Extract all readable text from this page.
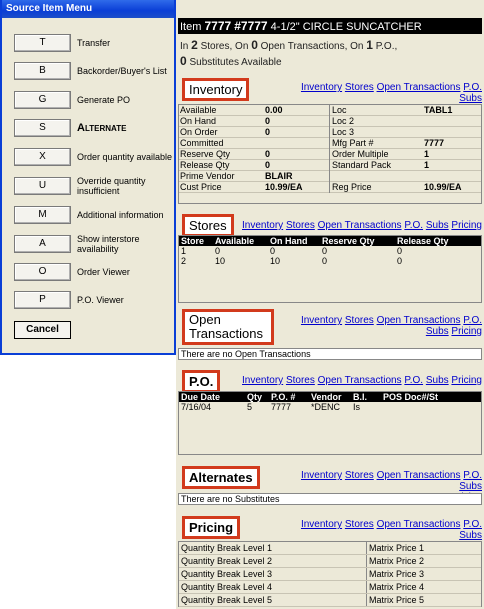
Source Item Menu
T	Transfer
B	Backorder/Buyer's List
G	Generate PO
S	Alternate
X	Order quantity available
U	Override quantity insufficient
M	Additional information
A	Show interstore availability
O	Order Viewer
P	P.O. Viewer
Cancel
Item 7777 #7777 4-1/2" CIRCLE SUNCATCHER
In 2 Stores, On 0 Open Transactions, On 1 P.O.,
0 Substitutes Available
Inventory	Inventory Stores Open Transactions P.O. Subs

Available	0.00
On Hand	0
On Order	0
Committed
Reserve Qty	0
Release Qty	0
Prime Vendor	BLAIR
Cust Price	10.99/EA
Loc	TABL1
Loc 2
Loc 3
Mfg Part #	7777
Order Multiple	1
Standard Pack	1
Reg Price	10.99/EA
Stores	Inventory Stores Open Transactions P.O. Subs Pricing
Store	Available	On Hand	Reserve Qty	Release Qty
1	0	0	0	0
2	10	10	0	0
Open Transactions
Inventory Stores Open Transactions P.O.
Subs Pricing
There are no Open Transactions
P.O.	Inventory Stores Open Transactions P.O. Subs Pricing
Due Date	Qty P.O. #	Vendor	B.I.	POS Doc#/St
7/16/04	5	7777	*DENC	Is
Alternates	Inventory Stores Open Transactions P.O. Subs

There are no Substitutes
Pricing	Inventory Stores Open Transactions P.O. Subs

Quantity Break Level 1	Matrix Price 1
Quantity Break Level 2	Matrix Price 2
Quantity Break Level 3	Matrix Price 3
Quantity Break Level 4	Matrix Price 4
Quantity Break Level 5	Matrix Price 5
